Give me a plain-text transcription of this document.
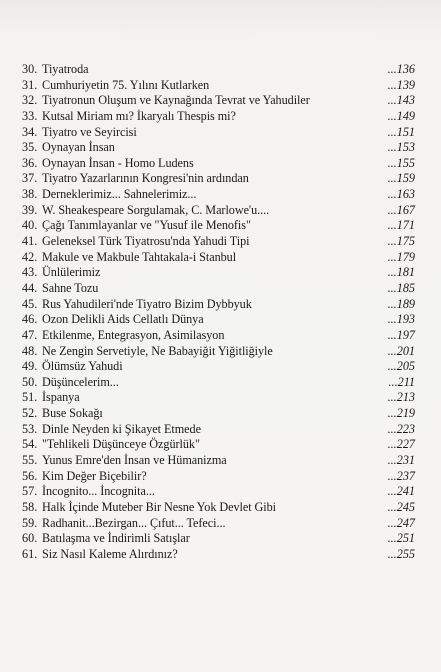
30. Tiyatroda	...136
31. Cumhuriyetin 75. Yılını Kutlarken	...139
32. Tiyatronun Oluşum ve Kaynağında Tevrat ve Yahudiler	...143
33. Kutsal Miriam mı? İkaryalı Thespis mi?	...149
34. Tiyatro ve Seyircisi	...151
35. Oynayan İnsan	...153
36. Oynayan İnsan - Homo Ludens	...155
37. Tiyatro Yazarlarının Kongresi'nin ardından	...159
38. Derneklerimiz... Sahnelerimiz...	...163
39. W. Sheakespeare Sorgulamak, C. Marlowe'u....	...167
40. Çağı Tanımlayanlar ve "Yusuf ile Menofis"	...171
41. Geleneksel Türk Tiyatrosu'nda Yahudi Tipi	...175
42. Makule ve Makbule Tahtakala-i Stanbul	...179
43. Ünlülerimiz	...181
44. Sahne Tozu	...185
45. Rus Yahudileri'nde Tiyatro Bizim Dybbyuk	...189
46. Ozon Delikli Aids Cellatlı Dünya	...193
47. Etkilenme, Entegrasyon, Asimilasyon	...197
48. Ne Zengin Servetiyle, Ne Babayiğit Yiğitliğiyle	...201
49. Ölümsüz Yahudi	...205
50. Düşüncelerim...	...211
51. İspanya	...213
52. Buse Sokağı	...219
53. Dinle Neyden ki Şikayet Etmede	...223
54. "Tehlikeli Düşünceye Özgürlük"	...227
55. Yunus Emre'den İnsan ve Hümanizma	...231
56. Kim Değer Biçebilir?	...237
57. İncognito... İncognita...	...241
58. Halk İçinde Muteber Bir Nesne Yok Devlet Gibi	...245
59. Radhanit...Bezirgan... Çıfut... Tefeci...	...247
60. Batılaşma ve İndirimli Satışlar	...251
61. Siz Nasıl Kaleme Alırdınız?	...255
